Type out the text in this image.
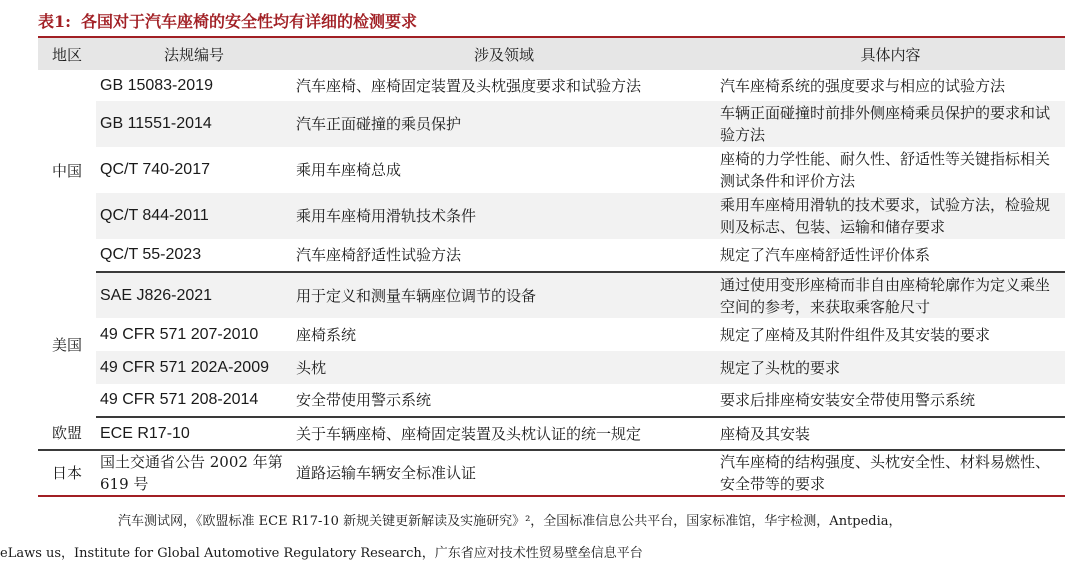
表1: 各国对于汽车座椅的安全性均有详细的检测要求
地区	法规编号	涉及领域	具体内容
中国	GB 15083-2019	汽车座椅、座椅固定装置及头枕强度要求和试验方法	汽车座椅系统的强度要求与相应的试验方法
	GB 11551-2014	汽车正面碰撞的乘员保护	车辆正面碰撞时前排外侧座椅乘员保护的要求和试验方法
	QC/T 740-2017	乘用车座椅总成	座椅的力学性能、耐久性、舒适性等关键指标相关测试条件和评价方法
	QC/T 844-2011	乘用车座椅用滑轨技术条件	乘用车座椅用滑轨的技术要求，试验方法，检验规则及标志、包装、运输和储存要求
	QC/T 55-2023	汽车座椅舒适性试验方法	规定了汽车座椅舒适性评价体系
美国	SAE J826-2021	用于定义和测量车辆座位调节的设备	通过使用变形座椅而非自由座椅轮廓作为定义乘坐空间的参考，来获取乘客舱尺寸
	49 CFR 571 207-2010	座椅系统	规定了座椅及其附件组件及其安装的要求
	49 CFR 571 202A-2009	头枕	规定了头枕的要求
	49 CFR 571 208-2014	安全带使用警示系统	要求后排座椅安装安全带使用警示系统
欧盟	ECE R17-10	关于车辆座椅、座椅固定装置及头枕认证的统一规定	座椅及其安装
日本	国土交通省公告 2002 年第 619 号	道路运输车辆安全标准认证	汽车座椅的结构强度、头枕安全性、材料易燃性、安全带等的要求
汽车测试网，《欧盟标准 ECE R17-10 新规关键更新解读及实施研究》²，全国标准信息公共平台，国家标准馆，华宇检测，Antpedia，
eLaws us，Institute for Global Automotive Regulatory Research，广东省应对技术性贸易壁垒信息平台
